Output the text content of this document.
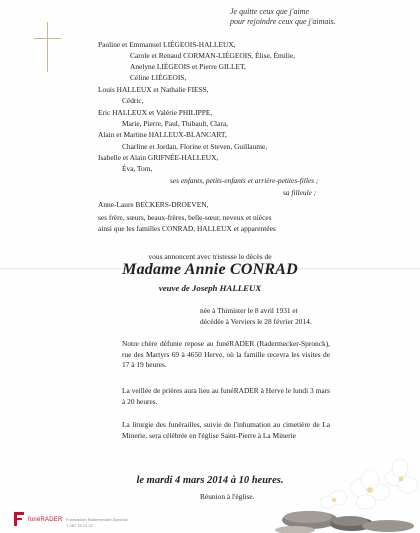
Je quitte ceux que j'aime
pour rejoindre ceux que j'aimais.
Pauline et Emmanuel LIÉGEOIS-HALLEUX,
Carole et Renaud CORMAN-LIÉGEOIS, Élise, Émilie,
Anelyne LIÉGEOIS et Pierre GILLET,
Céline LIÉGEOIS,
Louis HALLEUX et Nathalie FIESS,
Cédric,
Eric HALLEUX et Valérie PHILIPPE,
Marie, Pierre, Paul, Thibault, Clara,
Alain et Martine HALLEUX-BLANCART,
Charline et Jordan, Florine et Steven, Guillaume,
Isabelle et Alain GRIFNÉE-HALLEUX,
Éva, Tom,
ses enfants, petits-enfants et arrière-petites-filles ;
sa filleule ;
Anne-Laure BECKERS-DROEVEN,
ses frère, sœurs, beaux-frères, belle-sœur, neveux et nièces
ainsi que les familles CONRAD, HALLEUX et apparentées
vous annoncent avec tristesse le décès de
Madame Annie CONRAD
veuve de Joseph HALLEUX
née à Thimister le 8 avril 1931 et
décédée à Verviers le 28 février 2014.
Notre chère défunte repose au funéRADER (Radermecker-Spronck), rue des Martyrs 69 à 4650 Herve, où la famille recevra les visites de 17 à 19 heures.
La veillée de prières aura lieu au funéRADER à Herve le lundi 3 mars à 20 heures.
La liturgie des funérailles, suivie de l'inhumation au cimetière de La Minerie, sera célébrée en l'église Saint-Pierre à La Minerie
le mardi 4 mars 2014 à 10 heures.
Réunion à l'église.
funéRADER Funérarium Radermecker-Spronck
T 087 76 21 22
